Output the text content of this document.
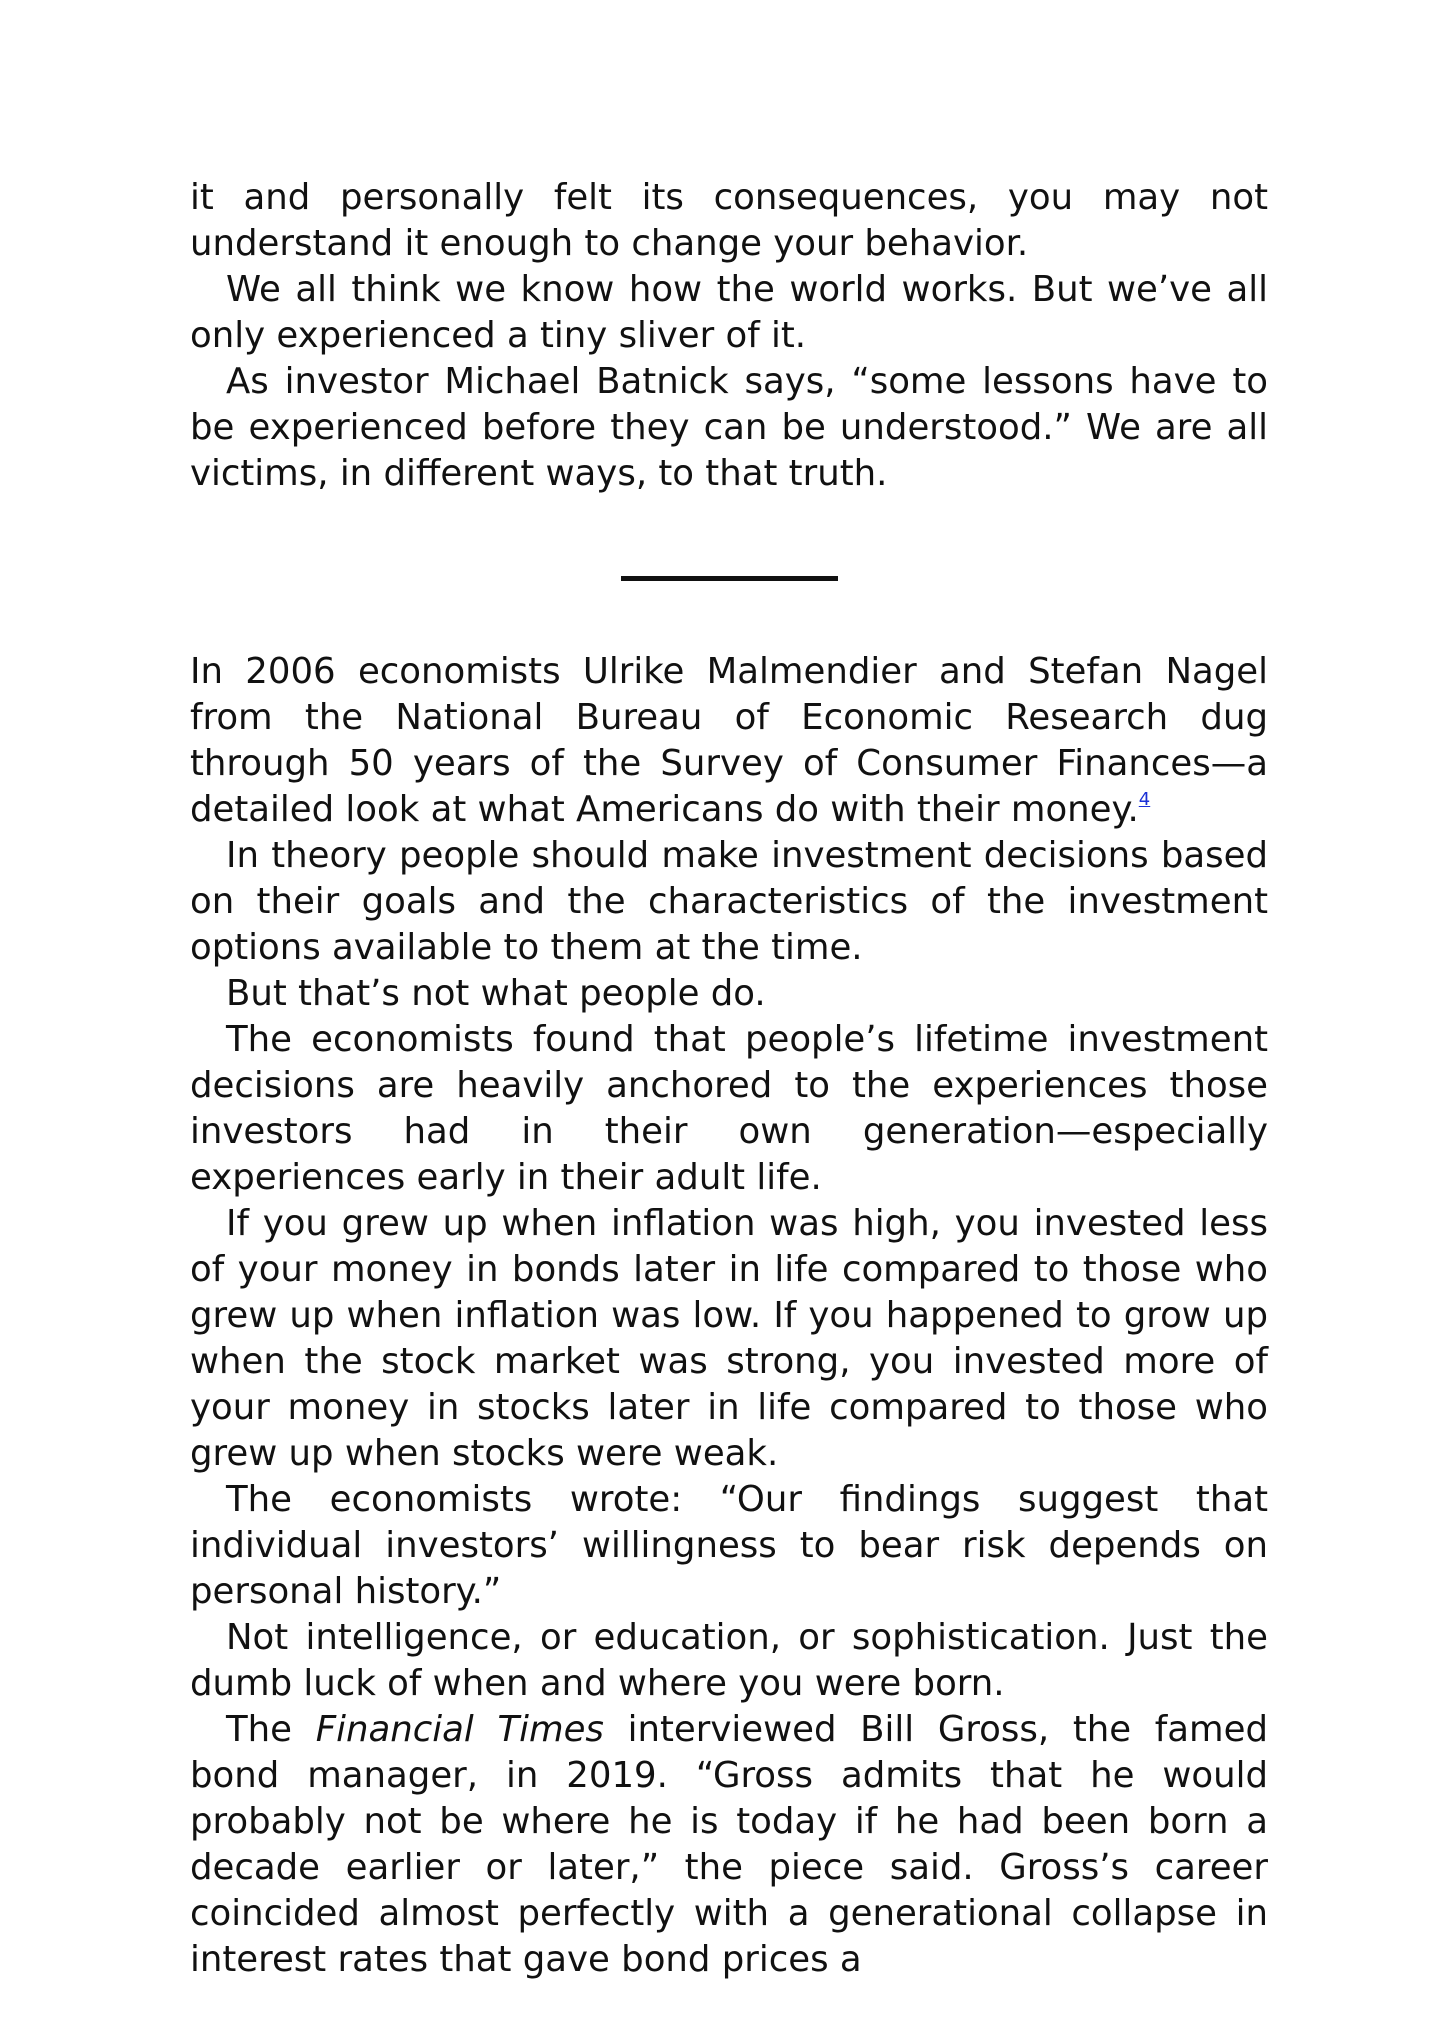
it and personally felt its consequences, you may not understand it enough to change your behavior.

We all think we know how the world works. But we’ve all only experienced a tiny sliver of it.

As investor Michael Batnick says, “some lessons have to be experienced before they can be understood.” We are all victims, in different ways, to that truth.

In 2006 economists Ulrike Malmendier and Stefan Nagel from the National Bureau of Economic Research dug through 50 years of the Survey of Consumer Finances—a detailed look at what Americans do with their money.$^4$

In theory people should make investment decisions based on their goals and the characteristics of the investment options available to them at the time.

But that’s not what people do.

The economists found that people’s lifetime investment decisions are heavily anchored to the experiences those investors had in their own generation—especially experiences early in their adult life.

If you grew up when inflation was high, you invested less of your money in bonds later in life compared to those who grew up when inflation was low. If you happened to grow up when the stock market was strong, you invested more of your money in stocks later in life compared to those who grew up when stocks were weak.

The economists wrote: “Our findings suggest that individual investors’ willingness to bear risk depends on personal history.”

Not intelligence, or education, or sophistication. Just the dumb luck of when and where you were born.

The Financial Times interviewed Bill Gross, the famed bond manager, in 2019. “Gross admits that he would probably not be where he is today if he had been born a decade earlier or later,” the piece said. Gross’s career coincided almost perfectly with a generational collapse in interest rates that gave bond prices a
